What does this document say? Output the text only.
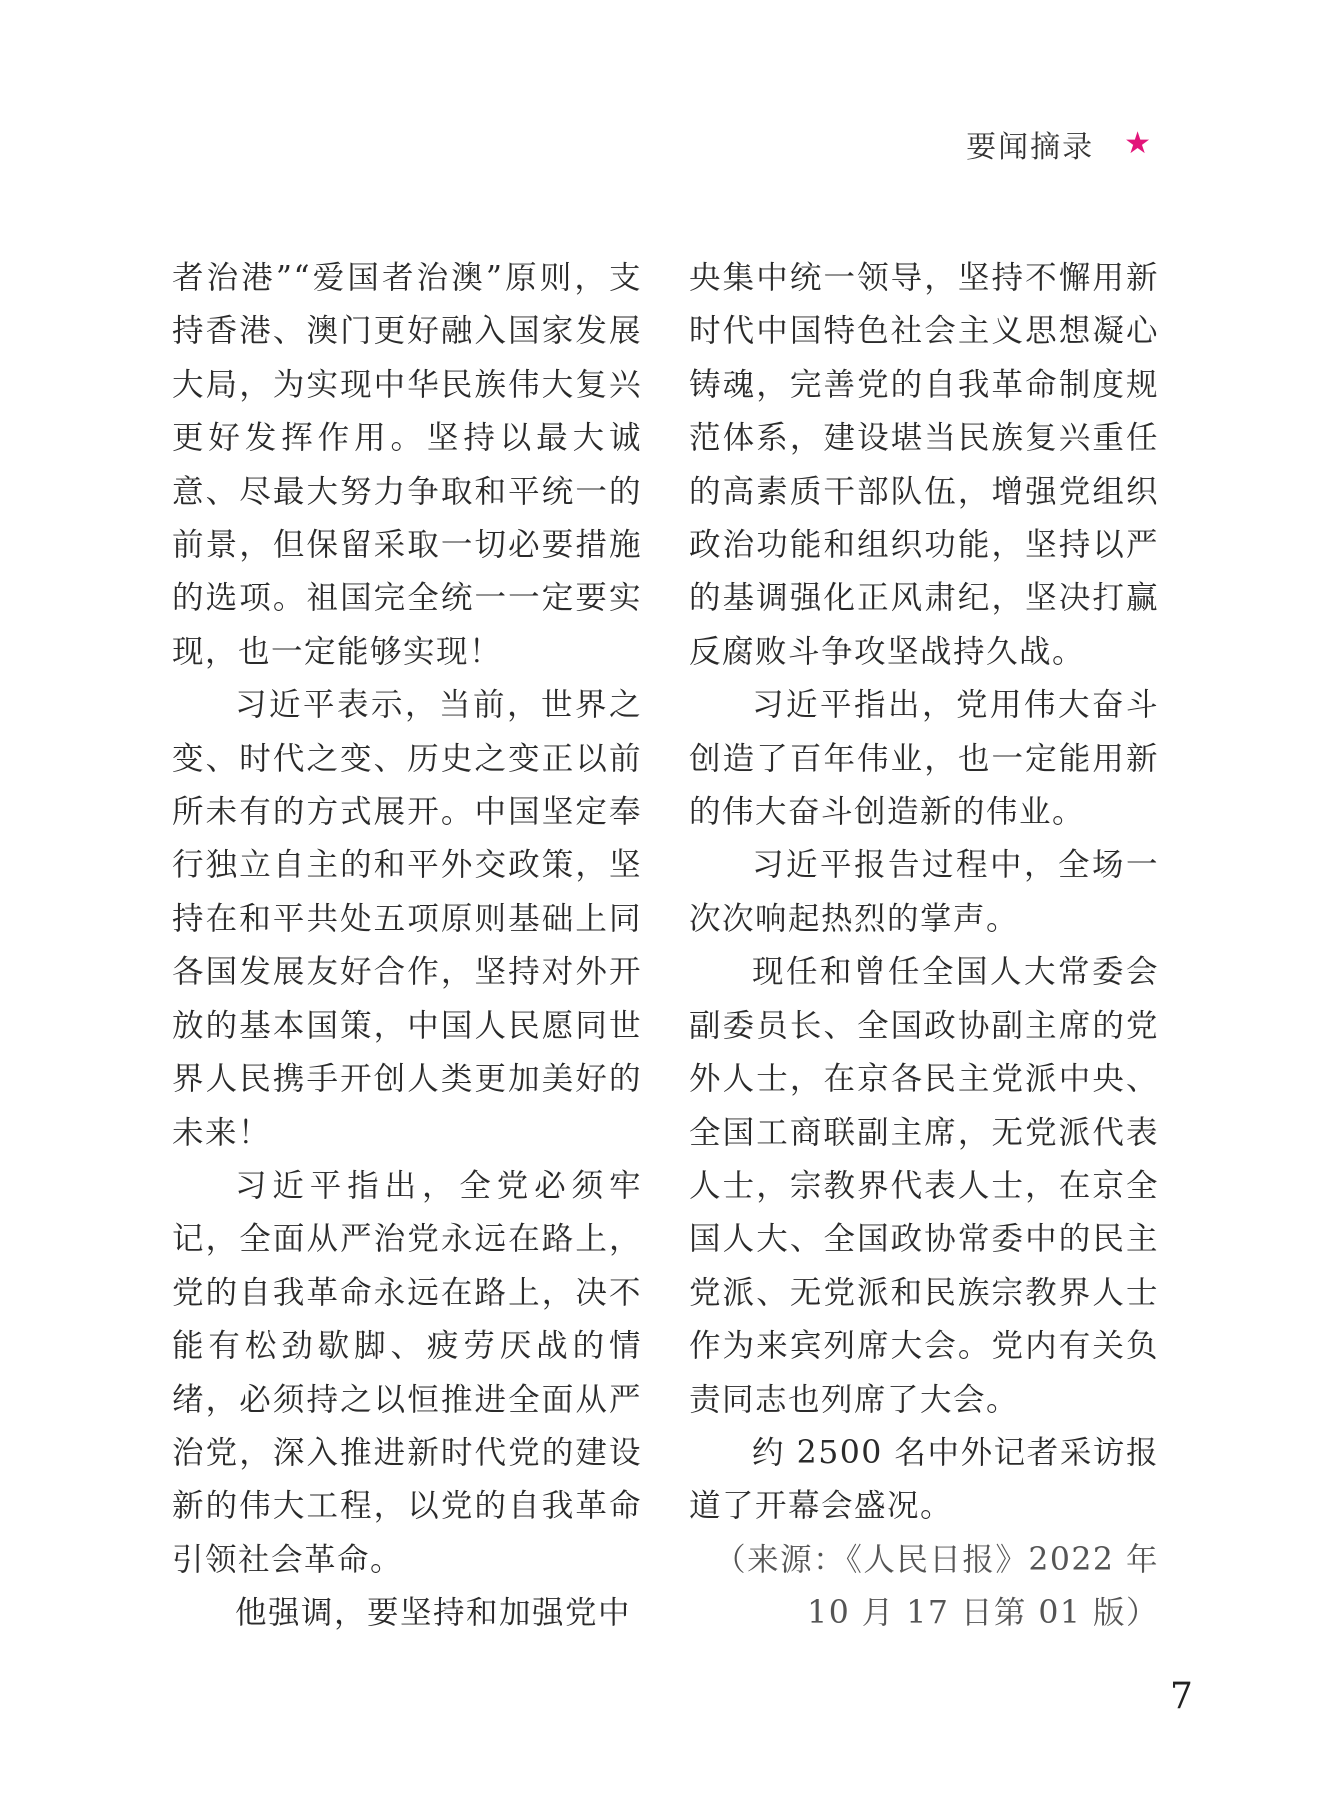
要闻摘录 ★

者治港”“爱国者治澳”原则，支持香港、澳门更好融入国家发展大局，为实现中华民族伟大复兴更好发挥作用。坚持以最大诚意、尽最大努力争取和平统一的前景，但保留采取一切必要措施的选项。祖国完全统一一定要实现，也一定能够实现！

习近平表示，当前，世界之变、时代之变、历史之变正以前所未有的方式展开。中国坚定奉行独立自主的和平外交政策，坚持在和平共处五项原则基础上同各国发展友好合作，坚持对外开放的基本国策，中国人民愿同世界人民携手开创人类更加美好的未来！

习近平指出，全党必须牢记，全面从严治党永远在路上，党的自我革命永远在路上，决不能有松劲歇脚、疲劳厌战的情绪，必须持之以恒推进全面从严治党，深入推进新时代党的建设新的伟大工程，以党的自我革命引领社会革命。

他强调，要坚持和加强党中

央集中统一领导，坚持不懈用新时代中国特色社会主义思想凝心铸魂，完善党的自我革命制度规范体系，建设堪当民族复兴重任的高素质干部队伍，增强党组织政治功能和组织功能，坚持以严的基调强化正风肃纪，坚决打赢反腐败斗争攻坚战持久战。

习近平指出，党用伟大奋斗创造了百年伟业，也一定能用新的伟大奋斗创造新的伟业。

习近平报告过程中，全场一次次响起热烈的掌声。

现任和曾任全国人大常委会副委员长、全国政协副主席的党外人士，在京各民主党派中央、全国工商联副主席，无党派代表人士，宗教界代表人士，在京全国人大、全国政协常委中的民主党派、无党派和民族宗教界人士作为来宾列席大会。党内有关负责同志也列席了大会。

约 2500 名中外记者采访报道了开幕会盛况。

（来源：《人民日报》2022 年 10 月 17 日第 01 版）

7
